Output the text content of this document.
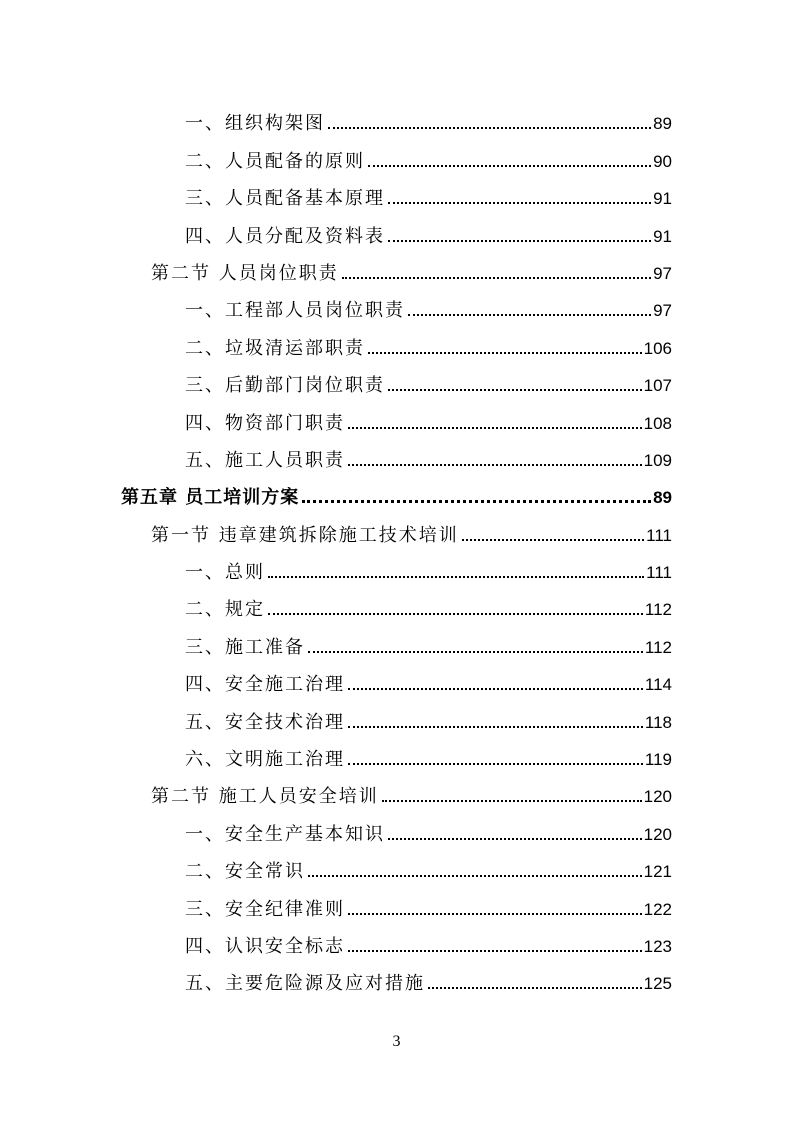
一、组织构架图	89
二、人员配备的原则	90
三、人员配备基本原理	91
四、人员分配及资料表	91
第二节 人员岗位职责	97
一、工程部人员岗位职责	97
二、垃圾清运部职责	106
三、后勤部门岗位职责	107
四、物资部门职责	108
五、施工人员职责	109
第五章 员工培训方案	89
第一节 违章建筑拆除施工技术培训	111
一、总则	111
二、规定	112
三、施工准备	112
四、安全施工治理	114
五、安全技术治理	118
六、文明施工治理	119
第二节 施工人员安全培训	120
一、安全生产基本知识	120
二、安全常识	121
三、安全纪律准则	122
四、认识安全标志	123
五、主要危险源及应对措施	125
3
